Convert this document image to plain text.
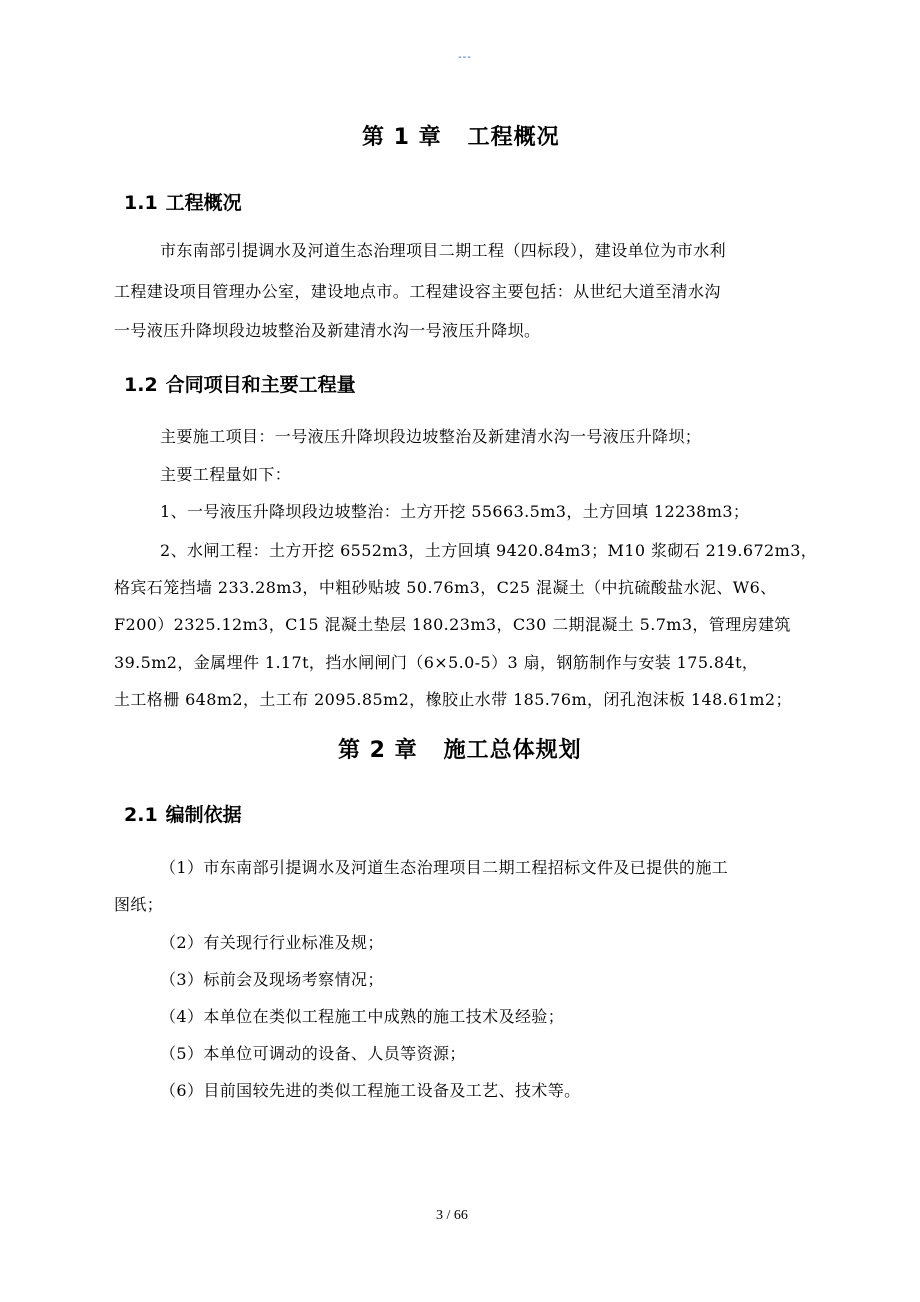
---
第 1 章 工程概况
1.1 工程概况
市东南部引提调水及河道生态治理项目二期工程（四标段），建设单位为市水利
工程建设项目管理办公室，建设地点市。工程建设容主要包括：从世纪大道至清水沟
一号液压升降坝段边坡整治及新建清水沟一号液压升降坝。
1.2 合同项目和主要工程量
主要施工项目：一号液压升降坝段边坡整治及新建清水沟一号液压升降坝；
主要工程量如下：
1、一号液压升降坝段边坡整治：土方开挖 55663.5m3，土方回填 12238m3；
2、水闸工程：土方开挖 6552m3，土方回填 9420.84m3；M10 浆砌石 219.672m3，
格宾石笼挡墙 233.28m3，中粗砂贴坡 50.76m3，C25 混凝土（中抗硫酸盐水泥、W6、
F200）2325.12m3，C15 混凝土垫层 180.23m3，C30 二期混凝土 5.7m3，管理房建筑
39.5m2，金属埋件 1.17t，挡水闸闸门（6×5.0-5）3 扇，钢筋制作与安装 175.84t，
土工格栅 648m2，土工布 2095.85m2，橡胶止水带 185.76m，闭孔泡沫板 148.61m2；
第 2 章 施工总体规划
2.1 编制依据
（1）市东南部引提调水及河道生态治理项目二期工程招标文件及已提供的施工
图纸；
（2）有关现行行业标准及规；
（3）标前会及现场考察情况；
（4）本单位在类似工程施工中成熟的施工技术及经验；
（5）本单位可调动的设备、人员等资源；
（6）目前国较先进的类似工程施工设备及工艺、技术等。
3 / 66
